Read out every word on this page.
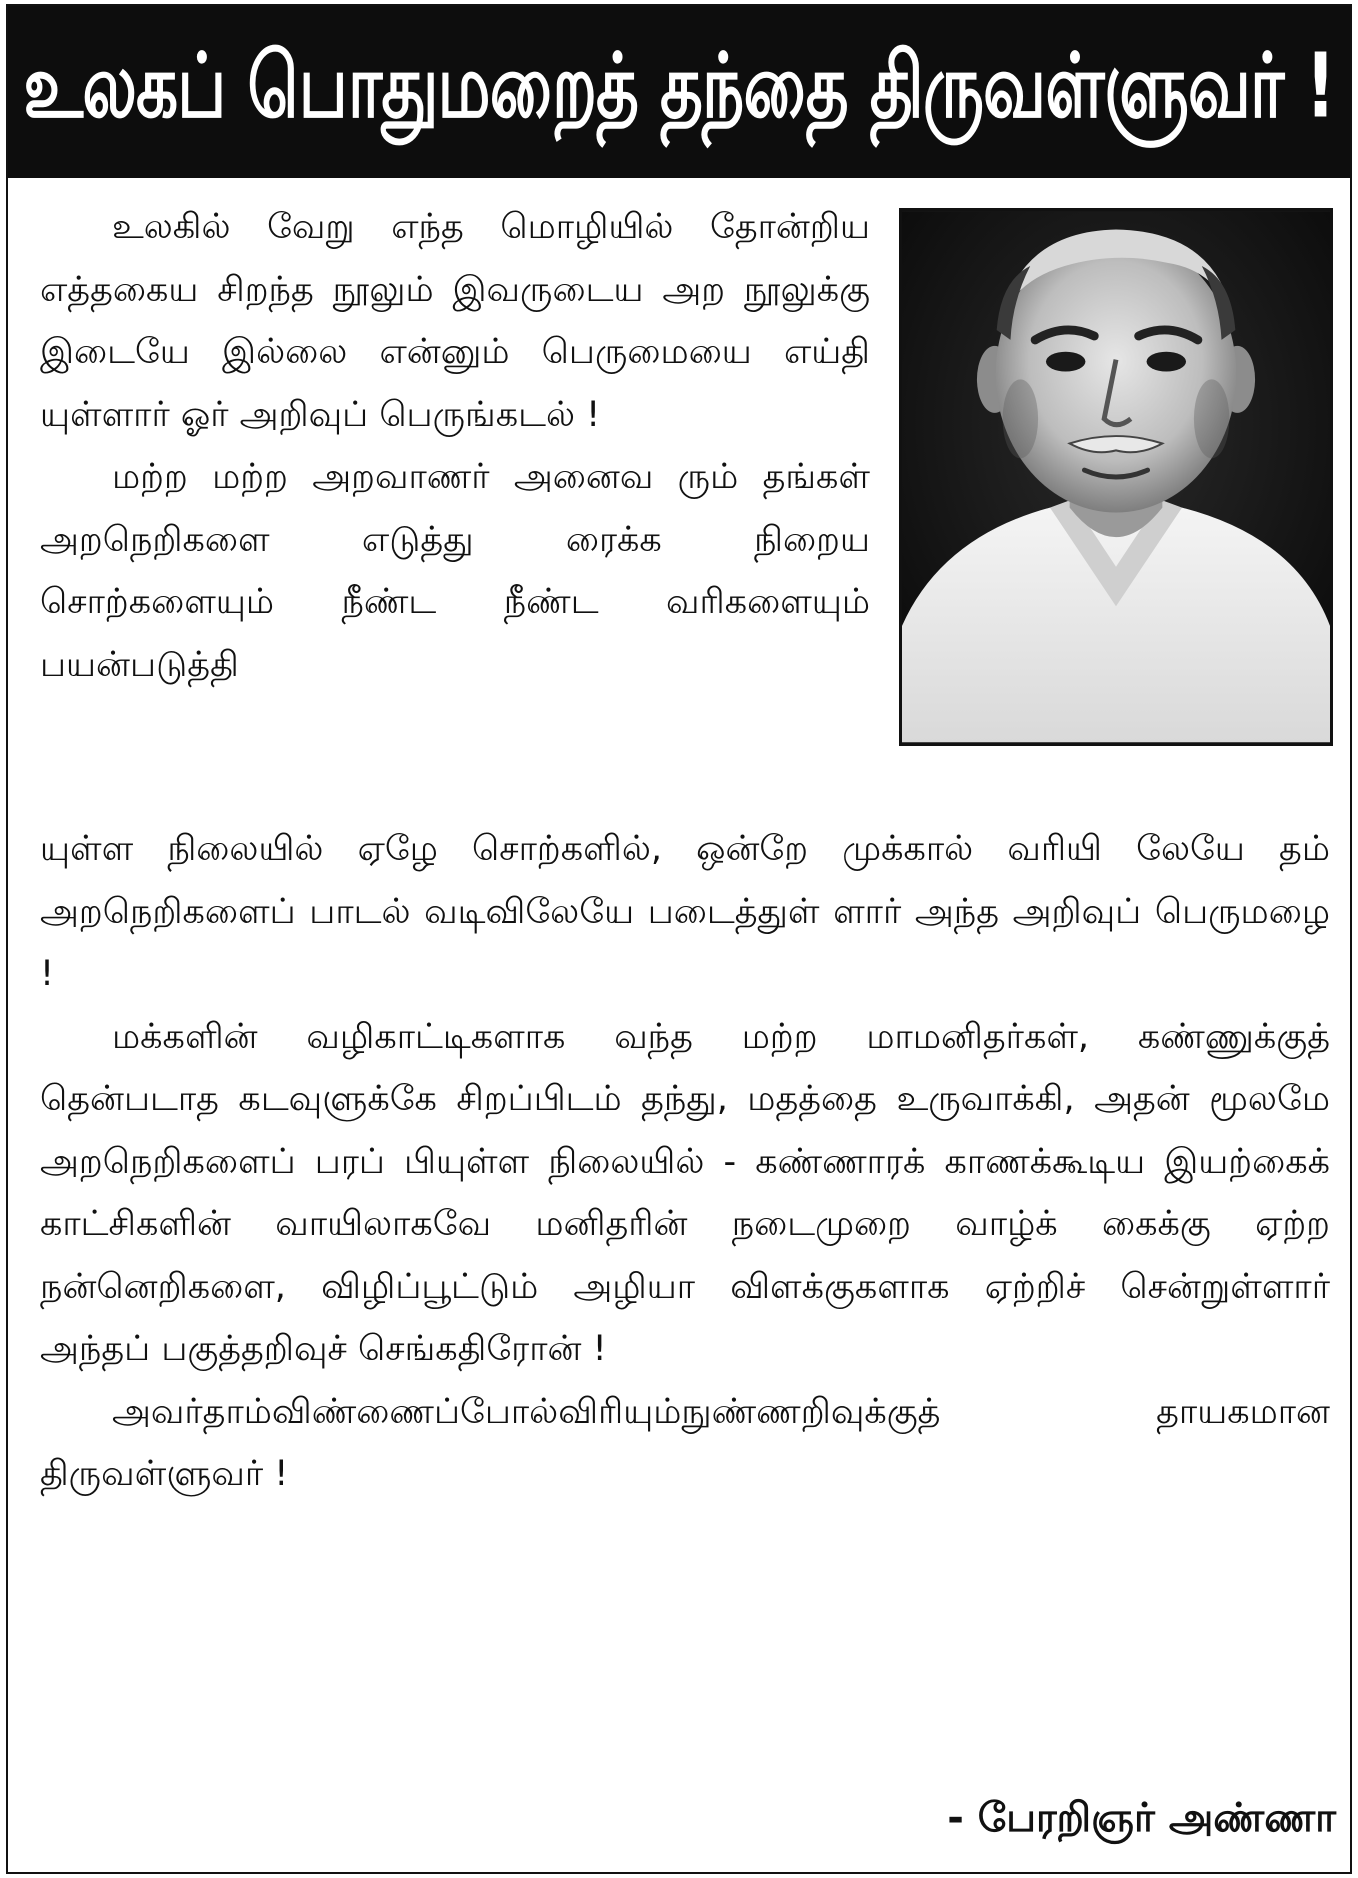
உலகப் பொதுமறைத் தந்தை திருவள்ளுவர் !

உலகில் வேறு எந்த மொழியில் தோன்றிய எத்தகைய சிறந்த நூலும் இவருடைய அற நூலுக்கு இடையே இல்லை என்னும் பெருமையை எய்தி யுள்ளார் ஓர் அறிவுப் பெருங்கடல் !

மற்ற மற்ற அறவாணர் அனைவ ரும் தங்கள் அறநெறிகளை எடுத்து ரைக்க நிறைய சொற்களையும் நீண்ட நீண்ட வரிகளையும் பயன்படுத்தி

யுள்ள நிலையில் ஏழே சொற்களில், ஒன்றே முக்கால் வரியி லேயே தம் அறநெறிகளைப் பாடல் வடிவிலேயே படைத்துள் ளார் அந்த அறிவுப் பெருமழை !

மக்களின் வழிகாட்டிகளாக வந்த மற்ற மாமனிதர்கள், கண்ணுக்குத் தென்படாத கடவுளுக்கே சிறப்பிடம் தந்து, மதத்தை உருவாக்கி, அதன் மூலமே அறநெறிகளைப் பரப் பியுள்ள நிலையில் - கண்ணாரக் காணக்கூடிய இயற்கைக் காட்சிகளின் வாயிலாகவே மனிதரின் நடைமுறை வாழ்க் கைக்கு ஏற்ற நன்னெறிகளை, விழிப்பூட்டும் அழியா விளக்குகளாக ஏற்றிச் சென்றுள்ளார் அந்தப் பகுத்தறிவுச் செங்கதிரோன் !

அவர்தாம்விண்ணைப்போல்விரியும்நுண்ணறிவுக்குத் தாயகமான திருவள்ளுவர் !

- பேரறிஞர் அண்ணா
